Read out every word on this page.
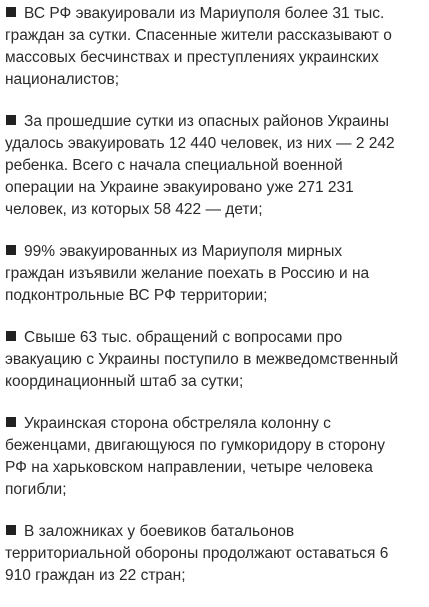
ВС РФ эвакуировали из Мариуполя более 31 тыс.
граждан за сутки. Спасенные жители рассказывают о
массовых бесчинствах и преступлениях украинских
националистов;
За прошедшие сутки из опасных районов Украины
удалось эвакуировать 12 440 человек, из них — 2 242
ребенка. Всего с начала специальной военной
операции на Украине эвакуировано уже 271 231
человек, из которых 58 422 — дети;
99% эвакуированных из Мариуполя мирных
граждан изъявили желание поехать в Россию и на
подконтрольные ВС РФ территории;
Свыше 63 тыс. обращений с вопросами про
эвакуацию с Украины поступило в межведомственный
координационный штаб за сутки;
Украинская сторона обстреляла колонну с
беженцами, двигающуюся по гумкоридору в сторону
РФ на харьковском направлении, четыре человека
погибли;
В заложниках у боевиков батальонов
территориальной обороны продолжают оставаться 6
910 граждан из 22 стран;
